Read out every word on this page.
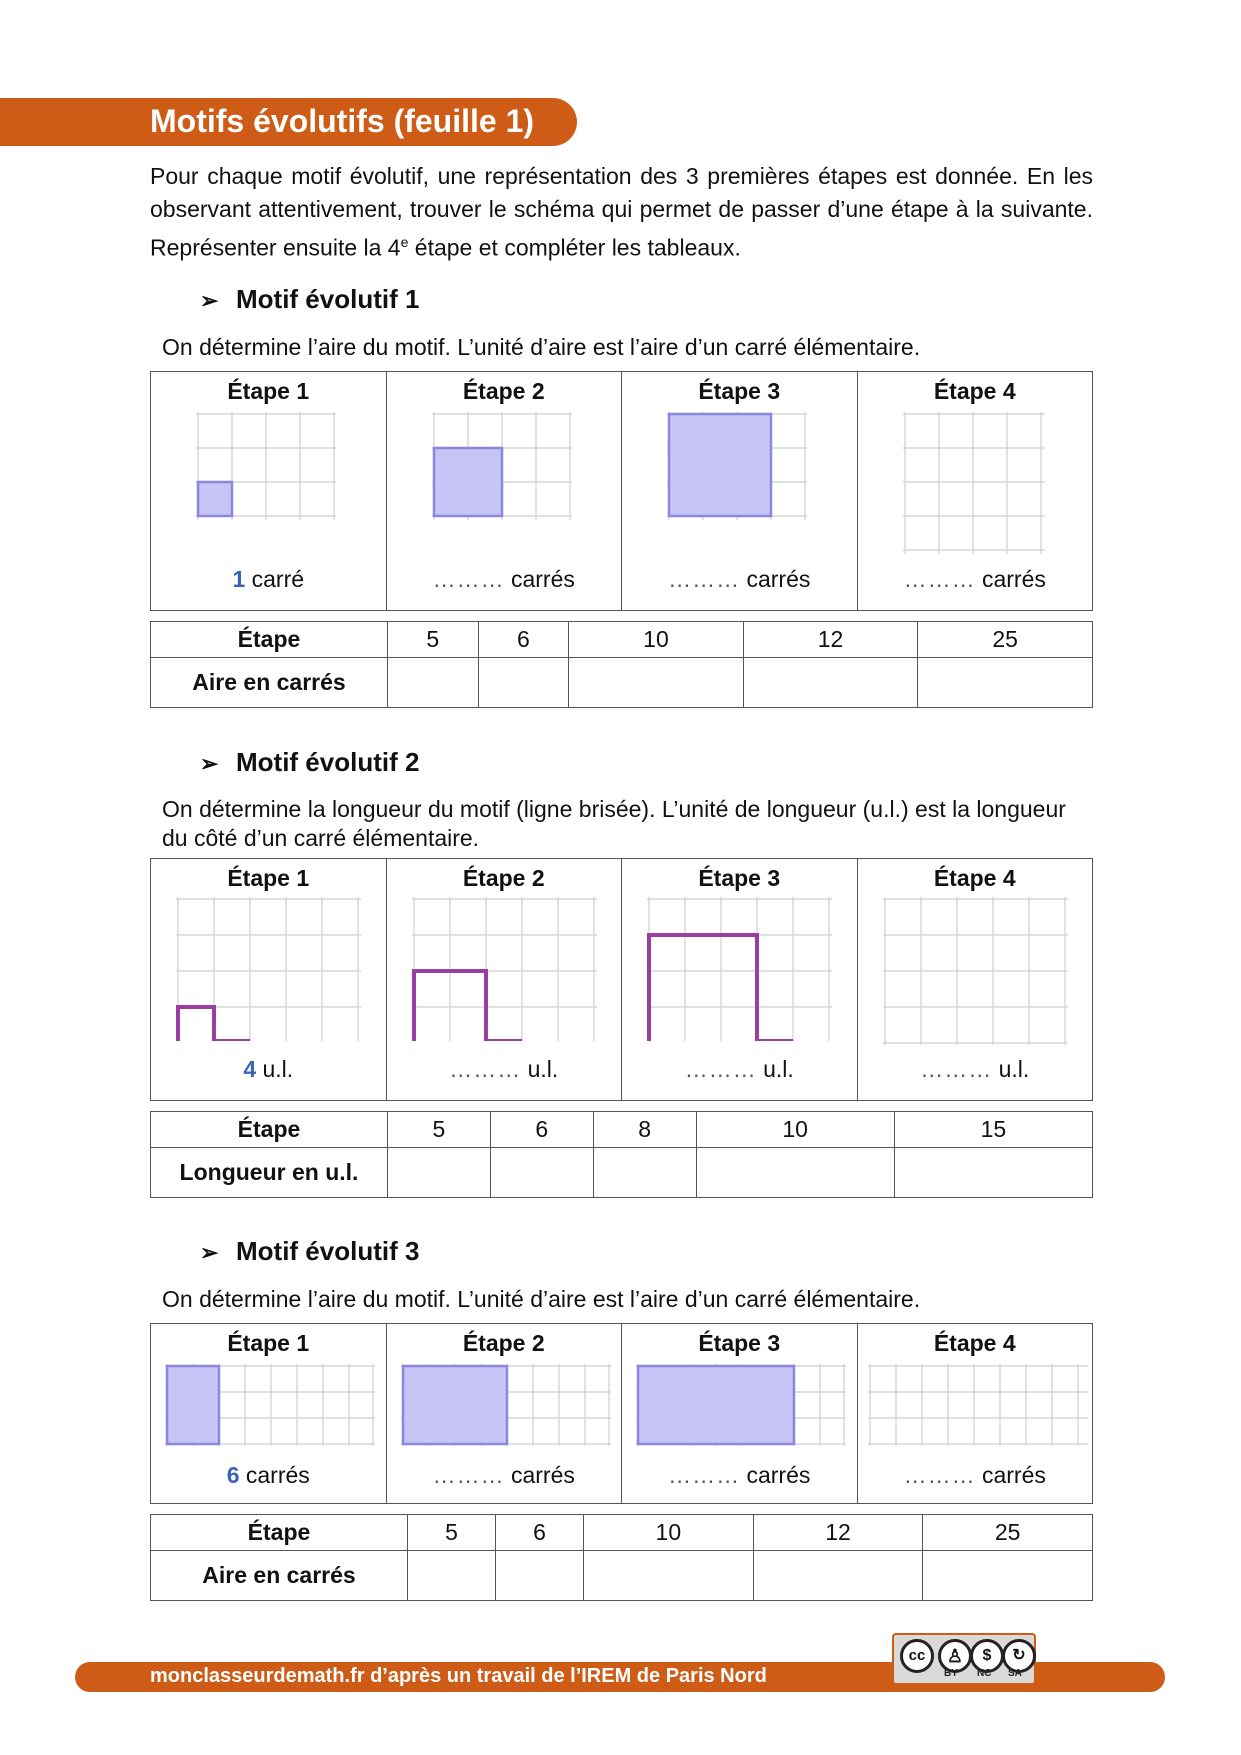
Motifs évolutifs (feuille 1)

Pour chaque motif évolutif, une représentation des 3 premières étapes est donnée. En les observant attentivement, trouver le schéma qui permet de passer d’une étape à la suivante. Représenter ensuite la 4e étape et compléter les tableaux.

➢ Motif évolutif 1
On détermine l’aire du motif. L’unité d’aire est l’aire d’un carré élémentaire.
Étape 1
1 carré

Étape 2
……… carrés

Étape 3
……… carrés

Étape 4
……… carrés
Étape	5	6	10	12	25
Aire en carrés					
➢ Motif évolutif 2
On détermine la longueur du motif (ligne brisée). L’unité de longueur (u.l.) est la longueur du côté d’un carré élémentaire.
Étape 1
4 u.l.

Étape 2
……… u.l.

Étape 3
……… u.l.

Étape 4
……… u.l.
Étape	5	6	8	10	15
Longueur en u.l.					
➢ Motif évolutif 3
On détermine l’aire du motif. L’unité d’aire est l’aire d’un carré élémentaire.
Étape 1
6 carrés

Étape 2
……… carrés

Étape 3
……… carrés

Étape 4
……… carrés
Étape	5	6	10	12	25
Aire en carrés					
monclasseurdemath.fr d’après un travail de l’IREM de Paris Nord
cc	♙	$	↻
BY NC SA
